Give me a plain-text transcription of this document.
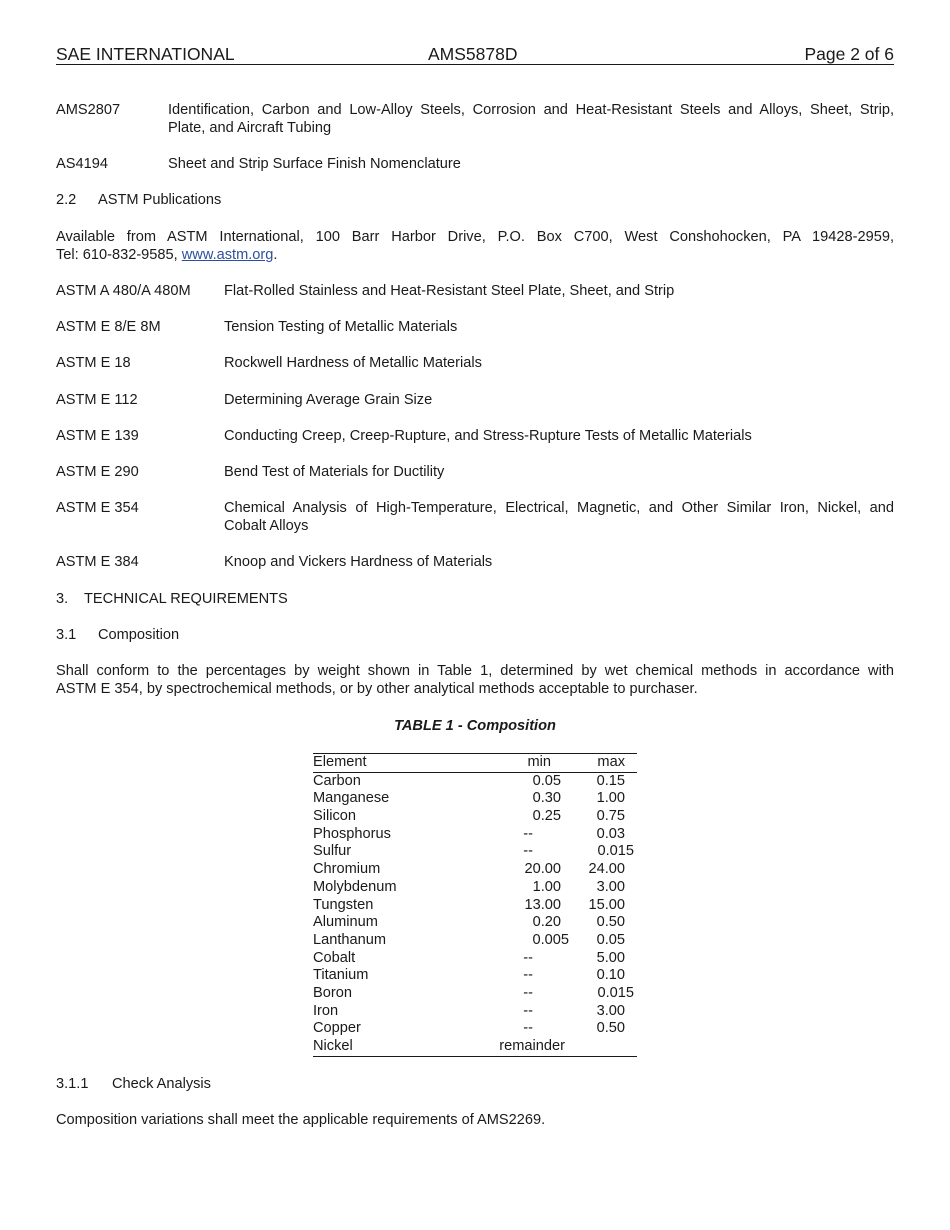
SAE INTERNATIONAL	AMS5878D	Page 2 of 6
AMS2807	Identification, Carbon and Low-Alloy Steels, Corrosion and Heat-Resistant Steels and Alloys, Sheet, Strip,
Plate, and Aircraft Tubing
AS4194	Sheet and Strip Surface Finish Nomenclature
2.2 ASTM Publications
Available from ASTM International, 100 Barr Harbor Drive, P.O. Box C700, West Conshohocken, PA 19428-2959,
Tel: 610-832-9585, www.astm.org.
ASTM A 480/A 480M Flat-Rolled Stainless and Heat-Resistant Steel Plate, Sheet, and Strip
ASTM E 8/E 8M	Tension Testing of Metallic Materials
ASTM E 18	Rockwell Hardness of Metallic Materials
ASTM E 112	Determining Average Grain Size
ASTM E 139	Conducting Creep, Creep-Rupture, and Stress-Rupture Tests of Metallic Materials
ASTM E 290	Bend Test of Materials for Ductility
ASTM E 354	Chemical Analysis of High-Temperature, Electrical, Magnetic, and Other Similar Iron, Nickel, and
Cobalt Alloys
ASTM E 384	Knoop and Vickers Hardness of Materials
3. TECHNICAL REQUIREMENTS
3.1 Composition
Shall conform to the percentages by weight shown in Table 1, determined by wet chemical methods in accordance with
ASTM E 354, by spectrochemical methods, or by other analytical methods acceptable to purchaser.
TABLE 1 - Composition
Element	min	max
Carbon	0.05 0.15
Manganese	0.30 1.00
Silicon	0.25 0.75
Phosphorus	--	0.03
Sulfur	--	0.015
Chromium	20.00 24.00
Molybdenum	1.00 3.00
Tungsten	13.00 15.00
Aluminum	0.20 0.50
Lanthanum	0.005 0.05
Cobalt	--	5.00
Titanium	--	0.10
Boron	--	0.015
Iron	--	3.00
Copper	--	0.50
Nickel	remainder
3.1.1 Check Analysis
Composition variations shall meet the applicable requirements of AMS2269.
